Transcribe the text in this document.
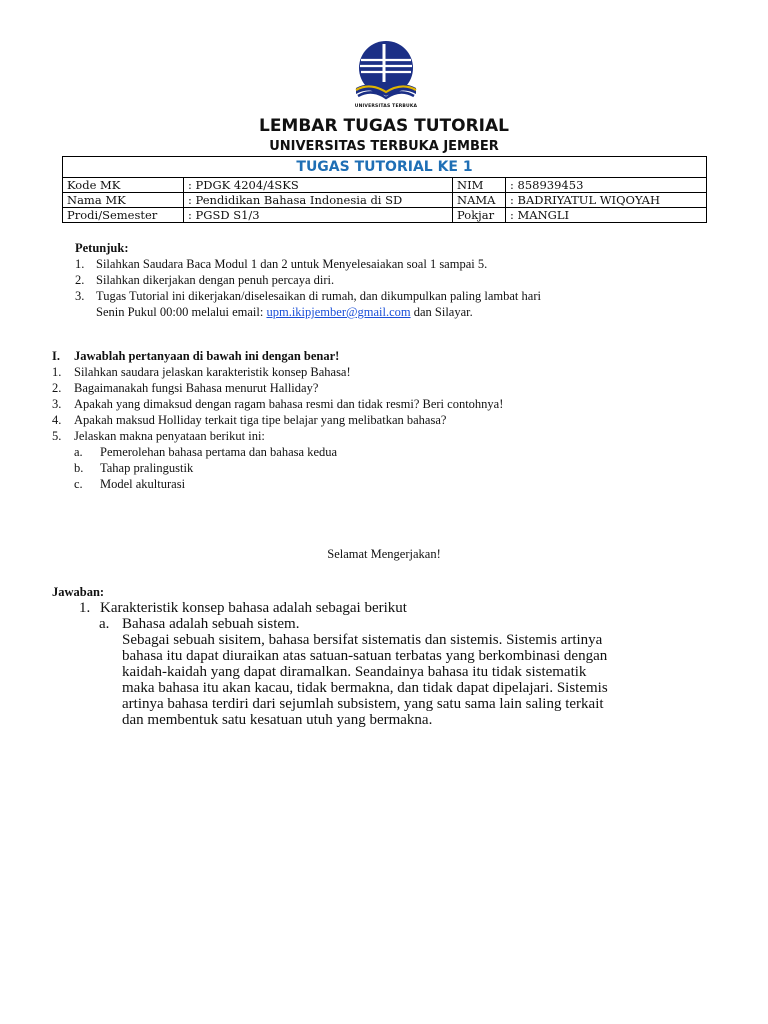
UNIVERSITAS TERBUKA
LEMBAR TUGAS TUTORIAL
UNIVERSITAS TERBUKA JEMBER
TUGAS TUTORIAL KE 1			
Kode MK	: PDGK 4204/4SKS	NIM	: 858939453
Nama MK	: Pendidikan Bahasa Indonesia di SD	NAMA	: BADRIYATUL WIQOYAH
Prodi/Semester	: PGSD S1/3	Pokjar	: MANGLI
Petunjuk:
1. Silahkan Saudara Baca Modul 1 dan 2 untuk Menyelesaiakan soal 1 sampai 5.
2. Silahkan dikerjakan dengan penuh percaya diri.
3. Tugas Tutorial ini dikerjakan/diselesaikan di rumah, dan dikumpulkan paling lambat hari
Senin Pukul 00:00 melalui email: upm.ikipjember@gmail.com dan Silayar.
I.	Jawablah pertanyaan di bawah ini dengan benar!
1.	Silahkan saudara jelaskan karakteristik konsep Bahasa!
2.	Bagaimanakah fungsi Bahasa menurut Halliday?
3.	Apakah yang dimaksud dengan ragam bahasa resmi dan tidak resmi? Beri contohnya!
4.	Apakah maksud Holliday terkait tiga tipe belajar yang melibatkan bahasa?
5.	Jelaskan makna penyataan berikut ini:
a.	Pemerolehan bahasa pertama dan bahasa kedua
b.	Tahap pralingustik
c.	Model akulturasi
Selamat Mengerjakan!
Jawaban:
1. Karakteristik konsep bahasa adalah sebagai berikut
a. Bahasa adalah sebuah sistem.
Sebagai sebuah sisitem, bahasa bersifat sistematis dan sistemis. Sistemis artinya
bahasa itu dapat diuraikan atas satuan-satuan terbatas yang berkombinasi dengan
kaidah-kaidah yang dapat diramalkan. Seandainya bahasa itu tidak sistematik
maka bahasa itu akan kacau, tidak bermakna, dan tidak dapat dipelajari. Sistemis
artinya bahasa terdiri dari sejumlah subsistem, yang satu sama lain saling terkait
dan membentuk satu kesatuan utuh yang bermakna.
